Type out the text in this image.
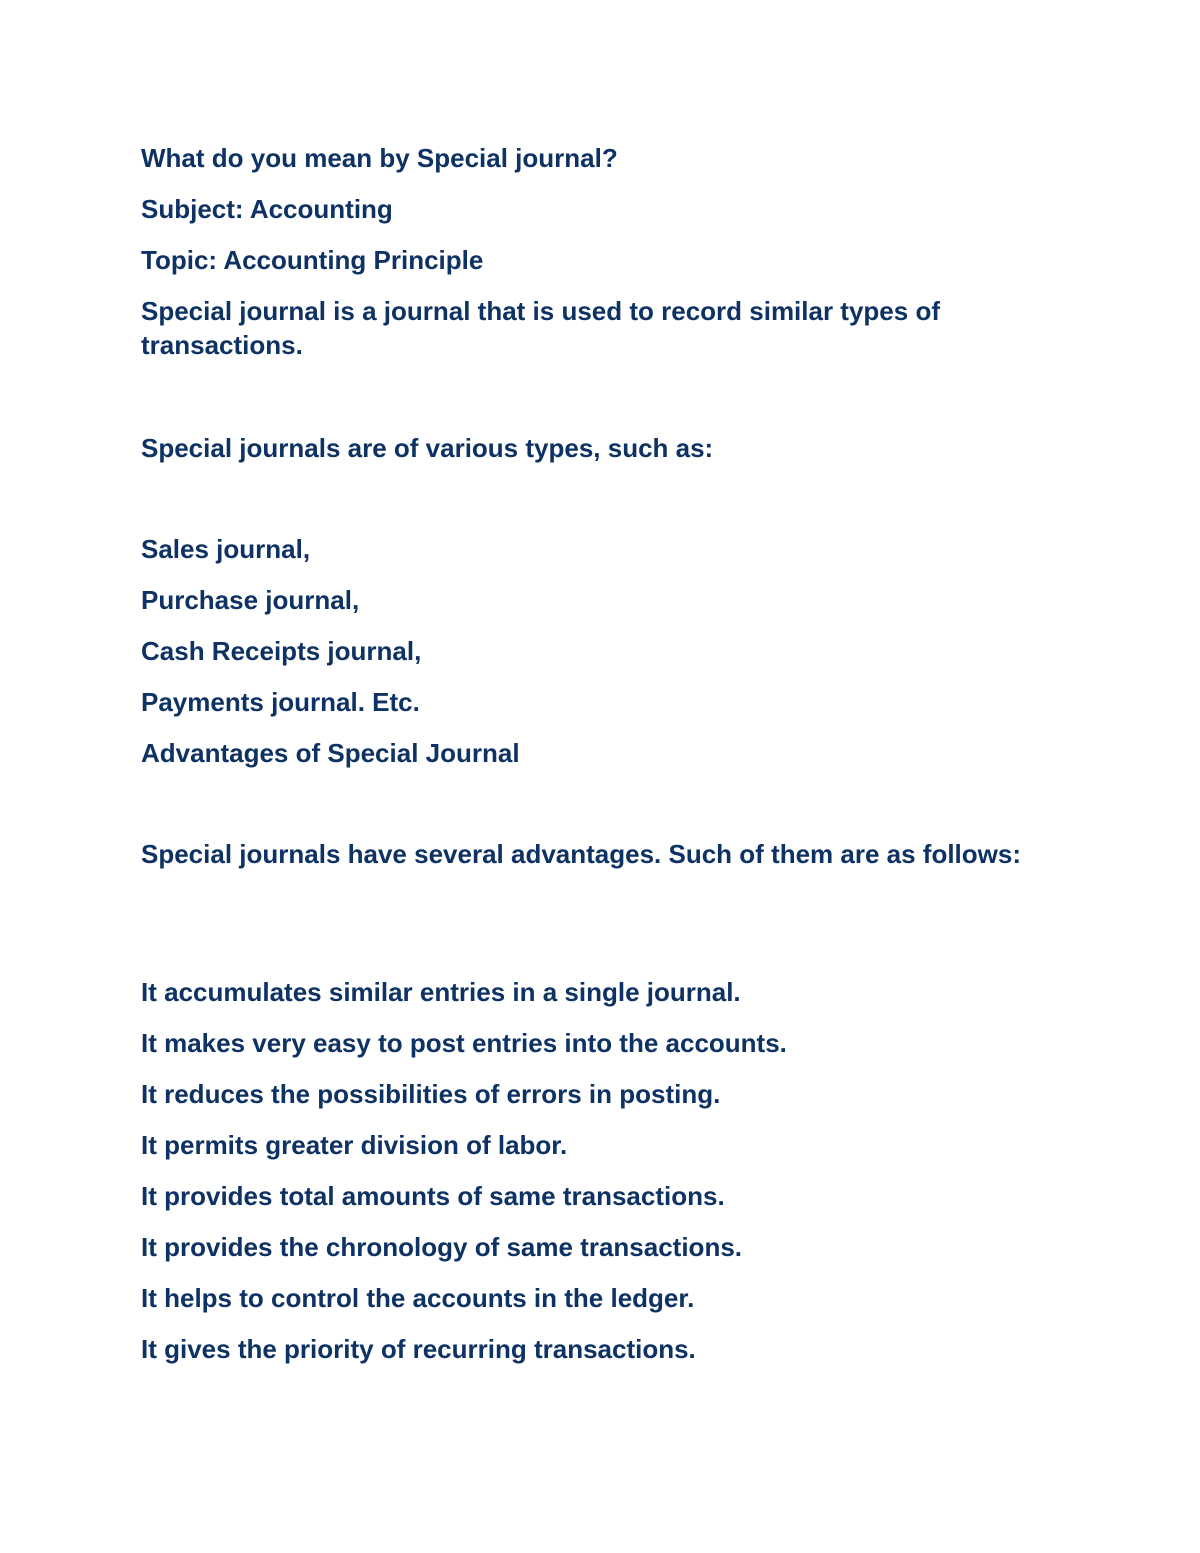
What do you mean by Special journal?

Subject: Accounting

Topic: Accounting Principle

Special journal is a journal that is used to record similar types of transactions.

Special journals are of various types, such as:

Sales journal,

Purchase journal,

Cash Receipts journal,

Payments journal. Etc.

Advantages of Special Journal

Special journals have several advantages. Such of them are as follows:

It accumulates similar entries in a single journal.

It makes very easy to post entries into the accounts.

It reduces the possibilities of errors in posting.

It permits greater division of labor.

It provides total amounts of same transactions.

It provides the chronology of same transactions.

It helps to control the accounts in the ledger.

It gives the priority of recurring transactions.
